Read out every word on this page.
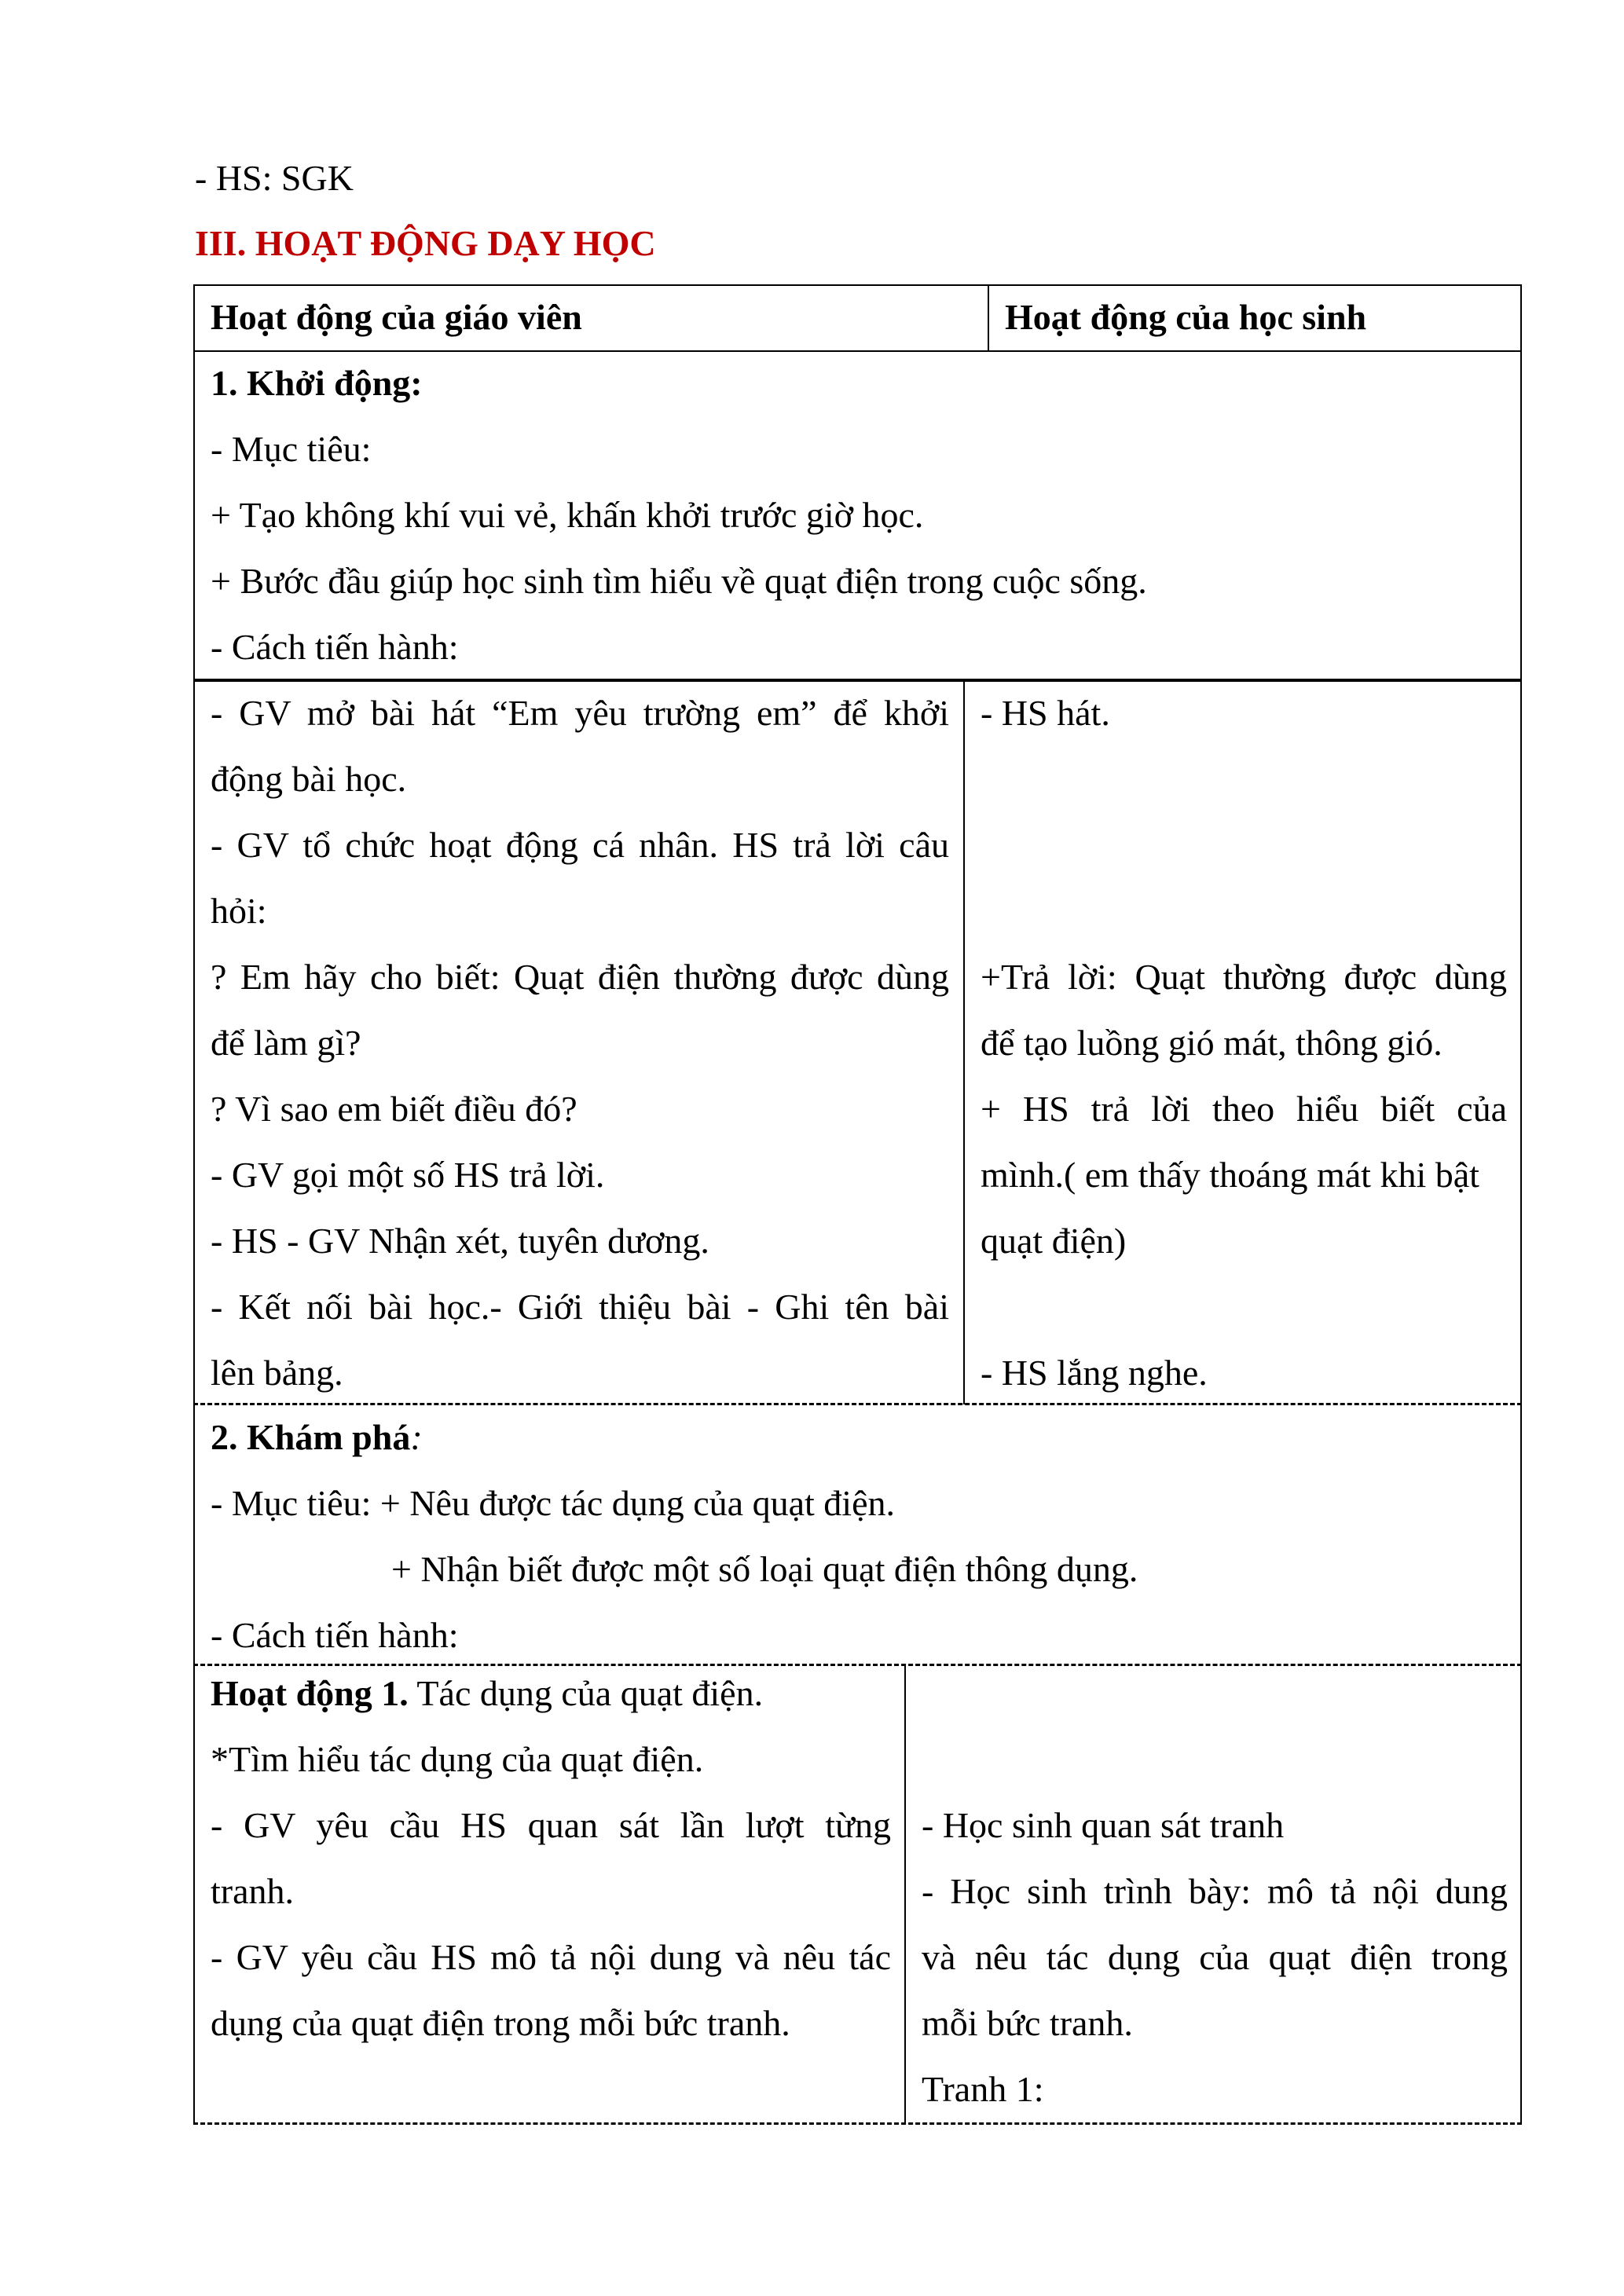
- HS: SGK
III. HOẠT ĐỘNG DẠY HỌC
Hoạt động của giáo viên	Hoạt động của học sinh
1. Khởi động:
- Mục tiêu:
+ Tạo không khí vui vẻ, khấn khởi trước giờ học.
+ Bước đầu giúp học sinh tìm hiểu về quạt điện trong cuộc sống.
- Cách tiến hành:
- GV mở bài hát “Em yêu trường em” để khởi
động bài học.
- GV tổ chức hoạt động cá nhân. HS trả lời câu
hỏi:
? Em hãy cho biết: Quạt điện thường được dùng
để làm gì?
? Vì sao em biết điều đó?
- GV gọi một số HS trả lời.
- HS - GV Nhận xét, tuyên dương.
- Kết nối bài học.- Giới thiệu bài - Ghi tên bài
lên bảng.
- HS hát.
+Trả lời: Quạt thường được dùng
để tạo luồng gió mát, thông gió.
+ HS trả lời theo hiểu biết của
mình.( em thấy thoáng mát khi bật
quạt điện)
- HS lắng nghe.
2. Khám phá:
- Mục tiêu: + Nêu được tác dụng của quạt điện.
+ Nhận biết được một số loại quạt điện thông dụng.
- Cách tiến hành:
Hoạt động 1. Tác dụng của quạt điện.
*Tìm hiểu tác dụng của quạt điện.
- GV yêu cầu HS quan sát lần lượt từng
tranh.
- GV yêu cầu HS mô tả nội dung và nêu tác
dụng của quạt điện trong mỗi bức tranh.
- Học sinh quan sát tranh
- Học sinh trình bày: mô tả nội dung
và nêu tác dụng của quạt điện trong
mỗi bức tranh.
Tranh 1:
